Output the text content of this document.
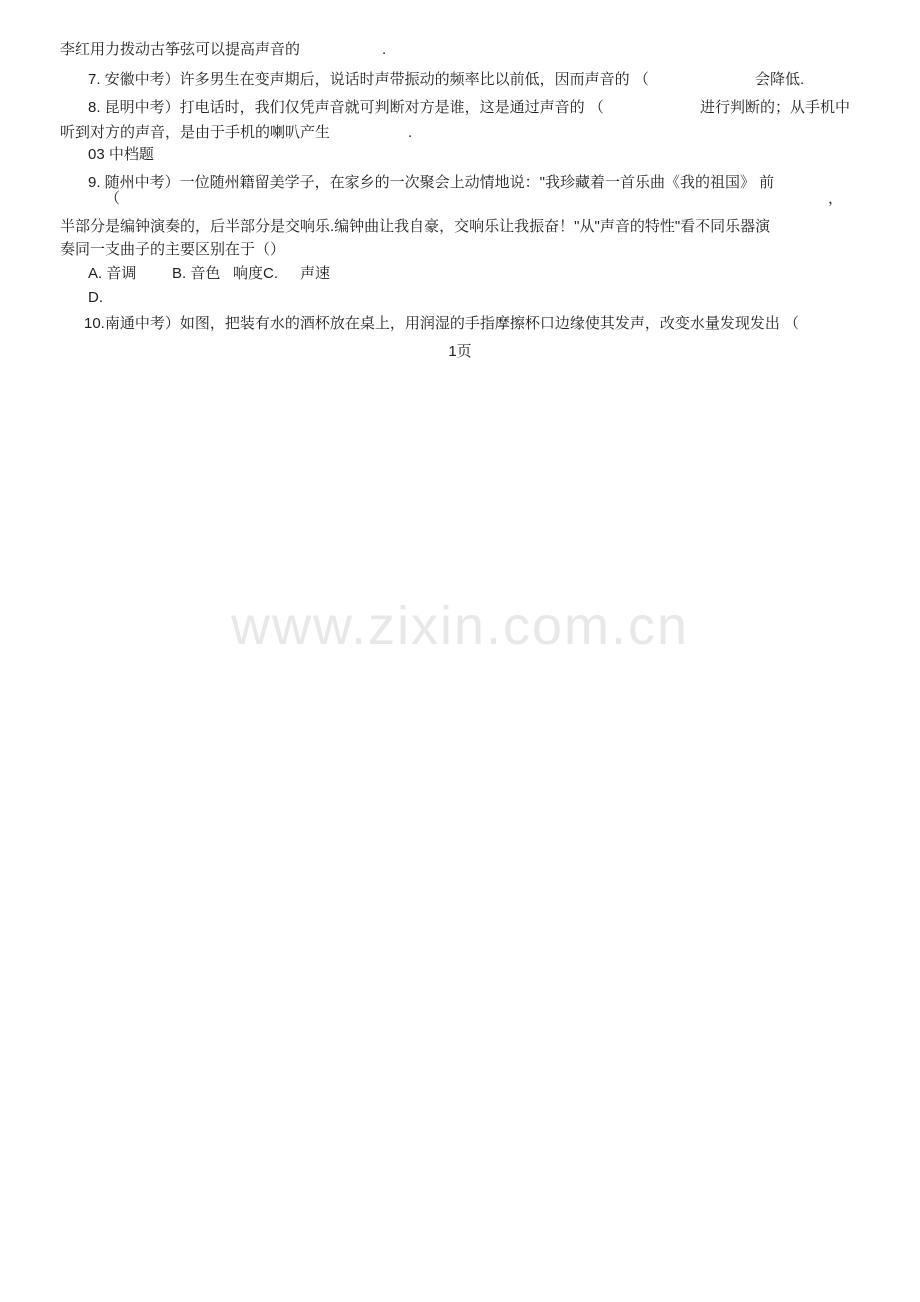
李红用力拨动古筝弦可以提高声音的	.
7. 安徽中考）许多男生在变声期后，说话时声带振动的频率比以前低，因而声音的 （	会降低.
8. 昆明中考）打电话时，我们仅凭声音就可判断对方是谁，这是通过声音的 （	进行判断的；从手机中
听到对方的声音，是由于手机的喇叭产生	.
03 中档题
9. 随州中考）一位随州籍留美学子，在家乡的一次聚会上动情地说："我珍藏着一首乐曲《我的祖国》 前
（	，
半部分是编钟演奏的，后半部分是交响乐.编钟曲让我自豪，交响乐让我振奋！"从"声音的特性"看不同乐器演
奏同一支曲子的主要区别在于（）
A. 音调 B. 音色 响度C. 声速
D.
10.南通中考）如图，把装有水的酒杯放在桌上，用润湿的手指摩擦杯口边缘使其发声，改变水量发现发出 （
1页
www.zixin.com.cn
